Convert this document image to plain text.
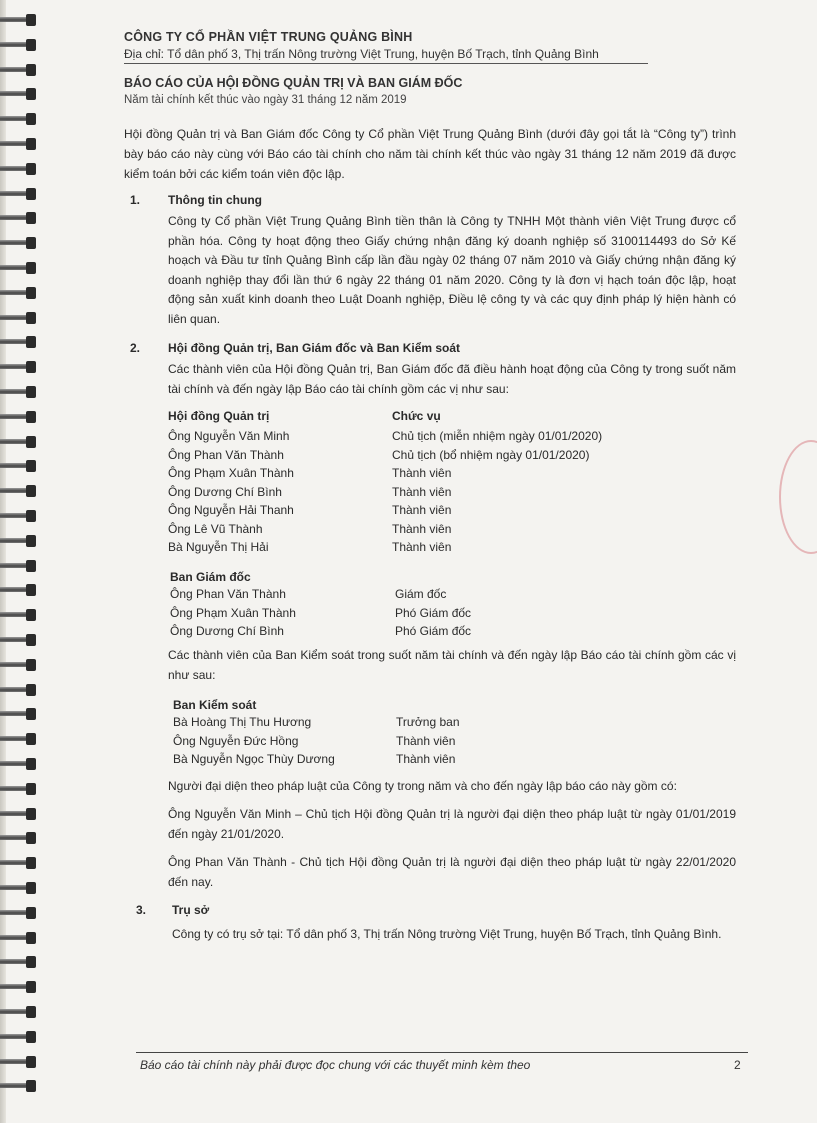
CÔNG TY CỔ PHẦN VIỆT TRUNG QUẢNG BÌNH
Địa chỉ: Tổ dân phố 3, Thị trấn Nông trường Việt Trung, huyện Bố Trạch, tỉnh Quảng Bình
BÁO CÁO CỦA HỘI ĐỒNG QUẢN TRỊ VÀ BAN GIÁM ĐỐC
Năm tài chính kết thúc vào ngày 31 tháng 12 năm 2019
Hội đồng Quản trị và Ban Giám đốc Công ty Cổ phần Việt Trung Quảng Bình (dưới đây gọi tắt là “Công ty”) trình bày báo cáo này cùng với Báo cáo tài chính cho năm tài chính kết thúc vào ngày 31 tháng 12 năm 2019 đã được kiểm toán bởi các kiểm toán viên độc lập.
1. Thông tin chung
Công ty Cổ phần Việt Trung Quảng Bình tiền thân là Công ty TNHH Một thành viên Việt Trung được cổ phần hóa. Công ty hoạt động theo Giấy chứng nhận đăng ký doanh nghiệp số 3100114493 do Sở Kế hoạch và Đầu tư tỉnh Quảng Bình cấp lần đầu ngày 02 tháng 07 năm 2010 và Giấy chứng nhận đăng ký doanh nghiệp thay đổi lần thứ 6 ngày 22 tháng 01 năm 2020. Công ty là đơn vị hạch toán độc lập, hoạt động sản xuất kinh doanh theo Luật Doanh nghiệp, Điều lệ công ty và các quy định pháp lý hiện hành có liên quan.
2. Hội đồng Quản trị, Ban Giám đốc và Ban Kiểm soát
Các thành viên của Hội đồng Quản trị, Ban Giám đốc đã điều hành hoạt động của Công ty trong suốt năm tài chính và đến ngày lập Báo cáo tài chính gồm các vị như sau:
Hội đồng Quản trị	Chức vụ
Ông Nguyễn Văn Minh	Chủ tịch (miễn nhiệm ngày 01/01/2020)
Ông Phan Văn Thành	Chủ tịch (bổ nhiệm ngày 01/01/2020)
Ông Phạm Xuân Thành	Thành viên
Ông Dương Chí Bình	Thành viên
Ông Nguyễn Hải Thanh	Thành viên
Ông Lê Vũ Thành	Thành viên
Bà Nguyễn Thị Hải	Thành viên
Ban Giám đốc
Ông Phan Văn Thành	Giám đốc
Ông Phạm Xuân Thành	Phó Giám đốc
Ông Dương Chí Bình	Phó Giám đốc
Các thành viên của Ban Kiểm soát trong suốt năm tài chính và đến ngày lập Báo cáo tài chính gồm các vị như sau:
Ban Kiểm soát
Bà Hoàng Thị Thu Hương	Trưởng ban
Ông Nguyễn Đức Hồng	Thành viên
Bà Nguyễn Ngọc Thùy Dương	Thành viên
Người đại diện theo pháp luật của Công ty trong năm và cho đến ngày lập báo cáo này gồm có:
Ông Nguyễn Văn Minh – Chủ tịch Hội đồng Quản trị là người đại diện theo pháp luật từ ngày 01/01/2019 đến ngày 21/01/2020.
Ông Phan Văn Thành - Chủ tịch Hội đồng Quản trị là người đại diện theo pháp luật từ ngày 22/01/2020 đến nay.
3. Trụ sở
Công ty có trụ sở tại: Tổ dân phố 3, Thị trấn Nông trường Việt Trung, huyện Bố Trạch, tỉnh Quảng Bình.
Báo cáo tài chính này phải được đọc chung với các thuyết minh kèm theo	2
